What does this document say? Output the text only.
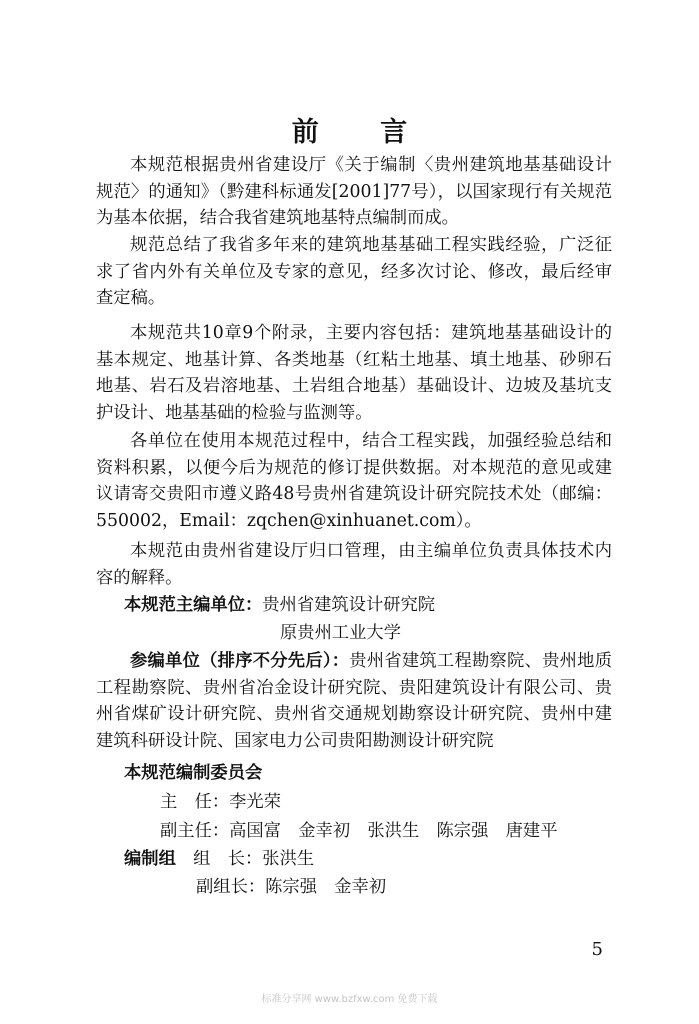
前 言

本规范根据贵州省建设厅《关于编制〈贵州建筑地基基础设计规范〉的通知》（黔建科标通发[2001]77号），以国家现行有关规范为基本依据，结合我省建筑地基特点编制而成。

规范总结了我省多年来的建筑地基基础工程实践经验，广泛征求了省内外有关单位及专家的意见，经多次讨论、修改，最后经审查定稿。

本规范共10章9个附录，主要内容包括：建筑地基基础设计的基本规定、地基计算、各类地基（红粘土地基、填土地基、砂卵石地基、岩石及岩溶地基、土岩组合地基）基础设计、边坡及基坑支护设计、地基基础的检验与监测等。

各单位在使用本规范过程中，结合工程实践，加强经验总结和资料积累，以便今后为规范的修订提供数据。对本规范的意见或建议请寄交贵阳市遵义路48号贵州省建筑设计研究院技术处（邮编：550002，Email：zqchen@xinhuanet.com）。

本规范由贵州省建设厅归口管理，由主编单位负责具体技术内容的解释。

本规范主编单位：贵州省建筑设计研究院
原贵州工业大学

参编单位（排序不分先后）：贵州省建筑工程勘察院、贵州地质工程勘察院、贵州省冶金设计研究院、贵阳建筑设计有限公司、贵州省煤矿设计研究院、贵州省交通规划勘察设计研究院、贵州中建建筑科研设计院、国家电力公司贵阳勘测设计研究院

本规范编制委员会
主　任：李光荣
副主任：高国富　金幸初　张洪生　陈宗强　唐建平
编制组　 组　长：张洪生
副组长：陈宗强　金幸初
5
标准分享网 www.bzfxw.com 免费下载
